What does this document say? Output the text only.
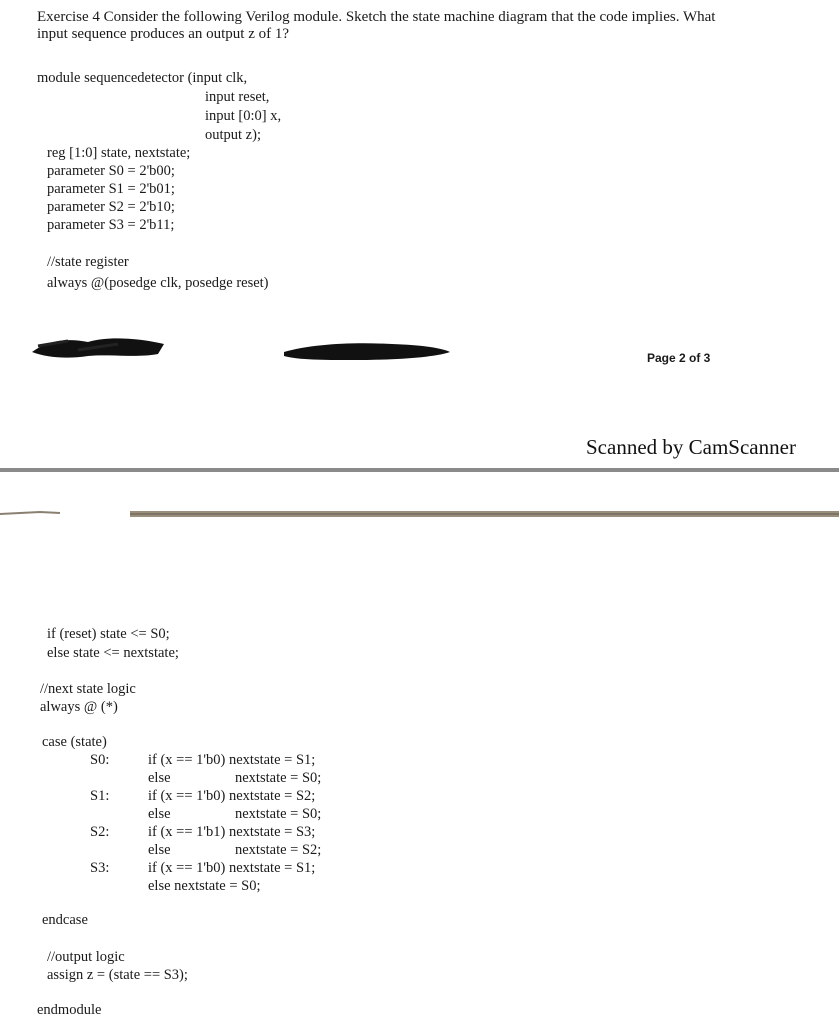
Exercise 4 Consider the following Verilog module. Sketch the state machine diagram that the code implies. What
input sequence produces an output z of 1?
module sequencedetector (input clk,
input reset,
input [0:0] x,
output z);
reg [1:0] state, nextstate;
parameter S0 = 2'b00;
parameter S1 = 2'b01;
parameter S2 = 2'b10;
parameter S3 = 2'b11;
//state register
always @(posedge clk, posedge reset)
Page 2 of 3
Scanned by CamScanner
if (reset) state <= S0;
else state <= nextstate;
//next state logic
always @ (*)
case (state)
S0:	if (x == 1'b0) nextstate = S1;
else	nextstate = S0;
S1:	if (x == 1'b0) nextstate = S2;
else	nextstate = S0;
S2:	if (x == 1'b1) nextstate = S3;
else	nextstate = S2;
S3:	if (x == 1'b0) nextstate = S1;
else nextstate = S0;
endcase
//output logic
assign z = (state == S3);
endmodule
